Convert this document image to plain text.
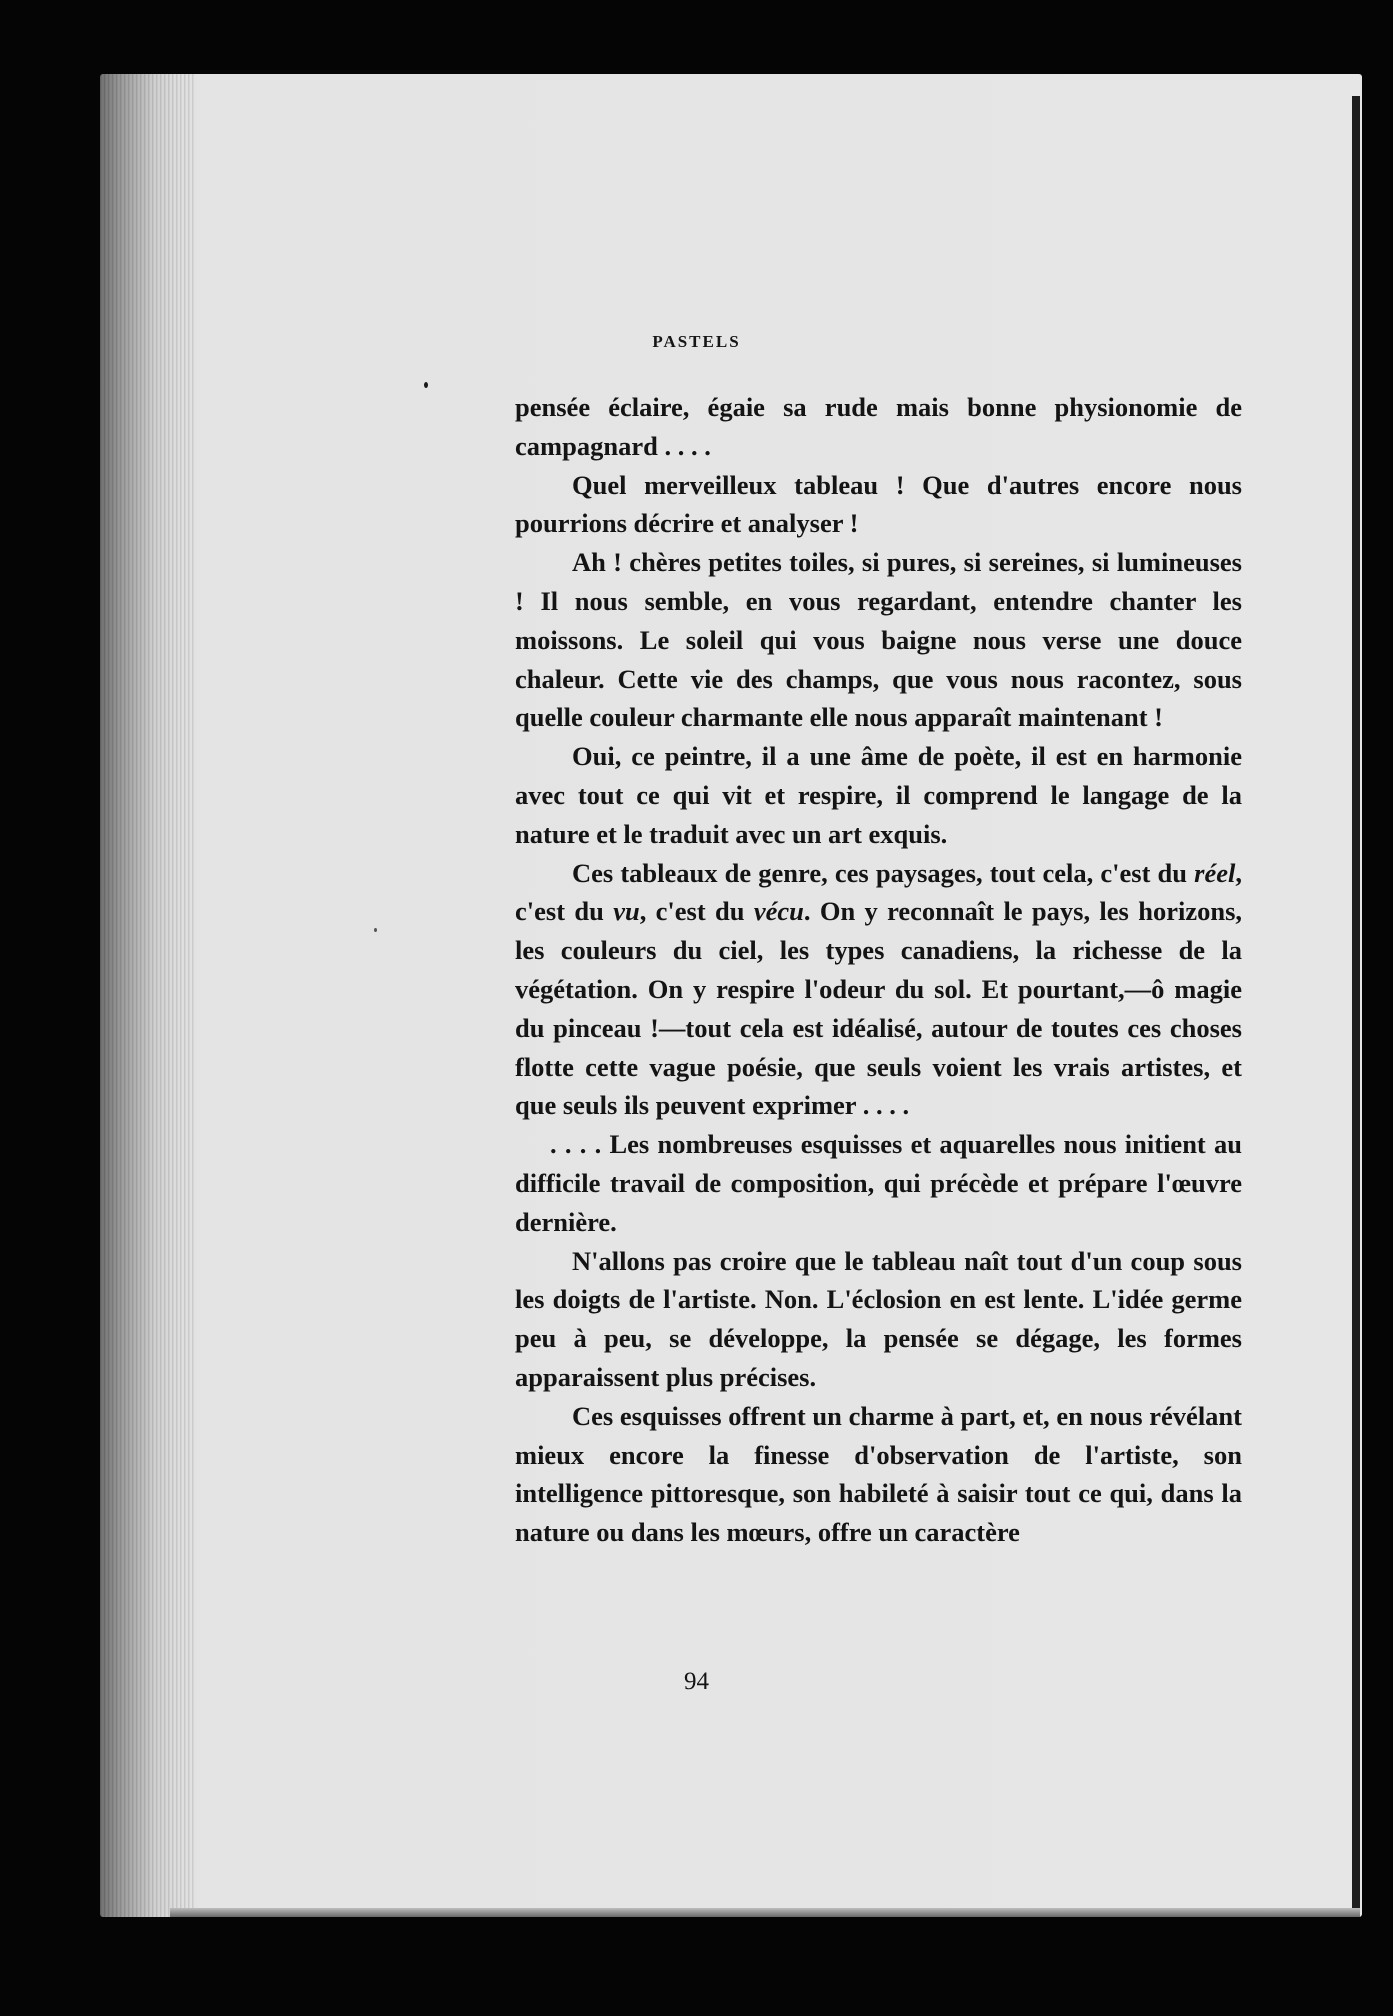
PASTELS

pensée éclaire, égaie sa rude mais bonne physionomie de campagnard . . . .

Quel merveilleux tableau ! Que d'autres encore nous pourrions décrire et analyser !

Ah ! chères petites toiles, si pures, si sereines, si lumineuses ! Il nous semble, en vous regardant, entendre chanter les moissons. Le soleil qui vous baigne nous verse une douce chaleur. Cette vie des champs, que vous nous racontez, sous quelle couleur charmante elle nous apparaît maintenant !

Oui, ce peintre, il a une âme de poète, il est en harmonie avec tout ce qui vit et respire, il comprend le langage de la nature et le traduit avec un art exquis.

Ces tableaux de genre, ces paysages, tout cela, c'est du réel, c'est du vu, c'est du vécu. On y reconnaît le pays, les horizons, les couleurs du ciel, les types canadiens, la richesse de la végétation. On y respire l'odeur du sol. Et pourtant,—ô magie du pinceau !—tout cela est idéalisé, autour de toutes ces choses flotte cette vague poésie, que seuls voient les vrais artistes, et que seuls ils peuvent exprimer . . . .

. . . . Les nombreuses esquisses et aquarelles nous initient au difficile travail de composition, qui précède et prépare l'œuvre dernière.

N'allons pas croire que le tableau naît tout d'un coup sous les doigts de l'artiste. Non. L'éclosion en est lente. L'idée germe peu à peu, se développe, la pensée se dégage, les formes apparaissent plus précises.

Ces esquisses offrent un charme à part, et, en nous révélant mieux encore la finesse d'observation de l'artiste, son intelligence pittoresque, son habileté à saisir tout ce qui, dans la nature ou dans les mœurs, offre un caractère

94
